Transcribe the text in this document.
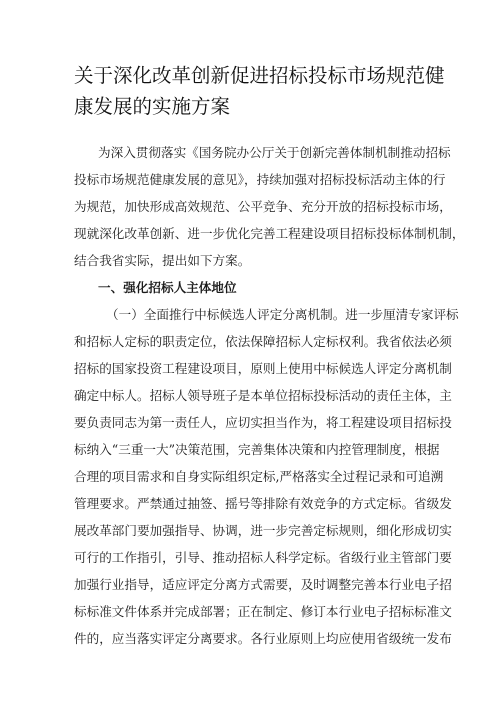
关于深化改革创新促进招标投标市场规范健
康发展的实施方案
为深入贯彻落实《国务院办公厅关于创新完善体制机制推动招标
投标市场规范健康发展的意见》，持续加强对招标投标活动主体的行
为规范，加快形成高效规范、公平竞争、充分开放的招标投标市场，
现就深化改革创新、进一步优化完善工程建设项目招标投标体制机制，
结合我省实际，提出如下方案。
一、强化招标人主体地位
（一）全面推行中标候选人评定分离机制。进一步厘清专家评标
和招标人定标的职责定位，依法保障招标人定标权利。我省依法必须
招标的国家投资工程建设项目，原则上使用中标候选人评定分离机制
确定中标人。招标人领导班子是本单位招标投标活动的责任主体，主
要负责同志为第一责任人，应切实担当作为，将工程建设项目招标投
标纳入“三重一大”决策范围，完善集体决策和内控管理制度，根据
合理的项目需求和自身实际组织定标,严格落实全过程记录和可追溯
管理要求。严禁通过抽签、摇号等排除有效竞争的方式定标。省级发
展改革部门要加强指导、协调，进一步完善定标规则，细化形成切实
可行的工作指引，引导、推动招标人科学定标。省级行业主管部门要
加强行业指导，适应评定分离方式需要，及时调整完善本行业电子招
标标准文件体系并完成部署；正在制定、修订本行业电子招标标准文
件的，应当落实评定分离要求。各行业原则上均应使用省级统一发布
